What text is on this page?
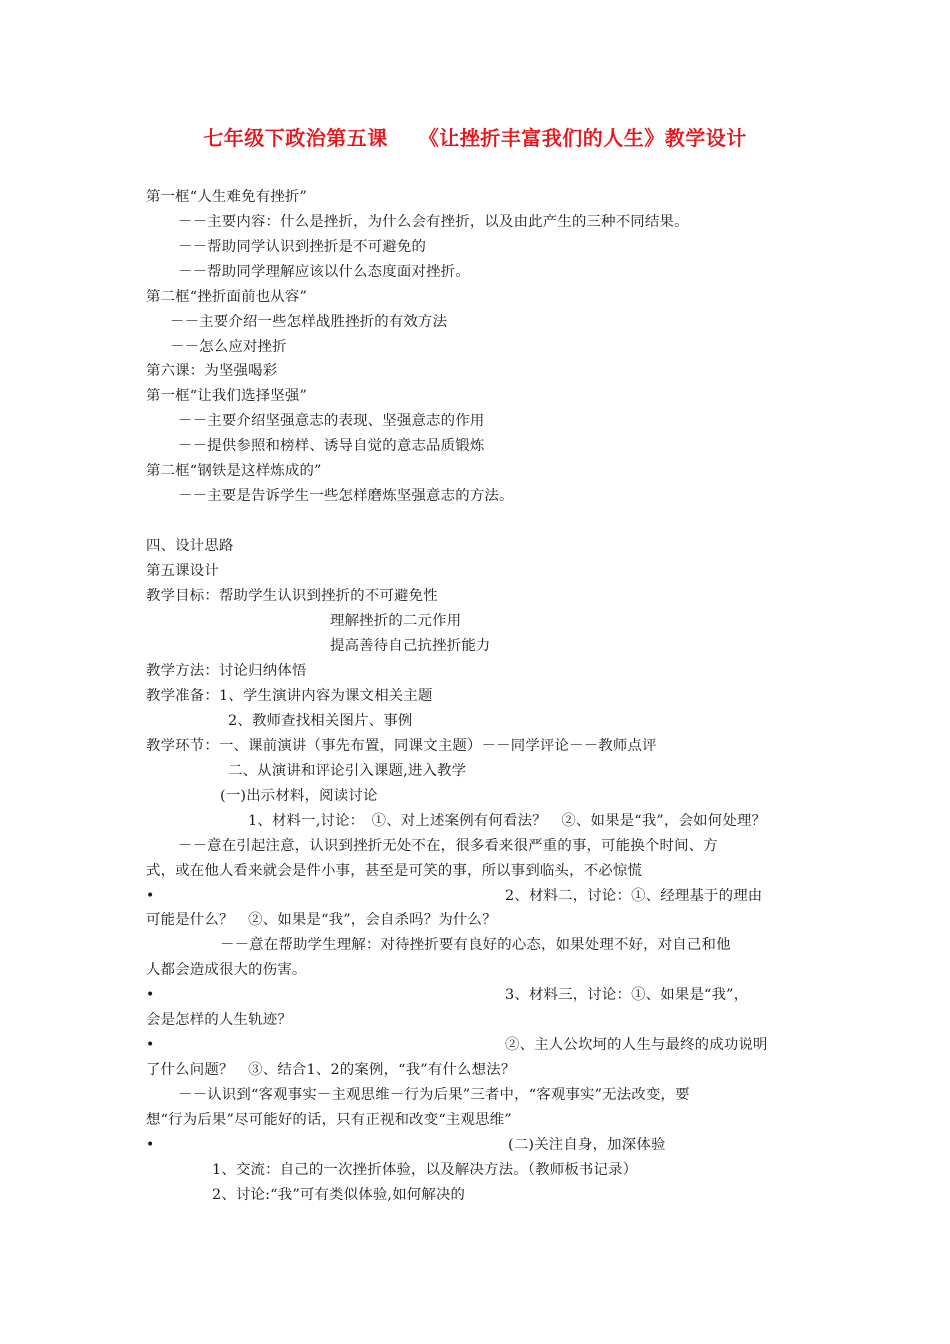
七年级下政治第五课　　《让挫折丰富我们的人生》教学设计
第一框“人生难免有挫折”
－－主要内容：什么是挫折，为什么会有挫折，以及由此产生的三种不同结果。
－－帮助同学认识到挫折是不可避免的
－－帮助同学理解应该以什么态度面对挫折。
第二框“挫折面前也从容”
－－主要介绍一些怎样战胜挫折的有效方法
－－怎么应对挫折
第六课：为坚强喝彩
第一框“让我们选择坚强”
－－主要介绍坚强意志的表现、坚强意志的作用
－－提供参照和榜样、诱导自觉的意志品质锻炼
第二框“钢铁是这样炼成的”
－－主要是告诉学生一些怎样磨炼坚强意志的方法。
四、设计思路
第五课设计
教学目标：帮助学生认识到挫折的不可避免性
理解挫折的二元作用
提高善待自己抗挫折能力
教学方法：讨论归纳体悟
教学准备：1、学生演讲内容为课文相关主题
2、教师查找相关图片、事例
教学环节：一、课前演讲（事先布置，同课文主题）－－同学评论－－教师点评
二、从演讲和评论引入课题,进入教学
(一)出示材料，阅读讨论
1、材料一,讨论：　①、对上述案例有何看法？　②、如果是“我”，会如何处理？
－－意在引起注意，认识到挫折无处不在，很多看来很严重的事，可能换个时间、方
式，或在他人看来就会是件小事，甚至是可笑的事，所以事到临头，不必惊慌
•	2、材料二，讨论：①、经理基于的理由
可能是什么？　②、如果是“我”，会自杀吗？为什么？
－－意在帮助学生理解：对待挫折要有良好的心态，如果处理不好，对自己和他
人都会造成很大的伤害。
•	3、材料三，讨论：①、如果是“我”，
会是怎样的人生轨迹？
•	②、主人公坎坷的人生与最终的成功说明
了什么问题？　③、结合1、2的案例，“我”有什么想法？
－－认识到“客观事实－主观思维－行为后果”三者中，“客观事实”无法改变，要
想“行为后果”尽可能好的话，只有正视和改变“主观思维”
•	(二)关注自身，加深体验
1、交流：自己的一次挫折体验，以及解决方法。（教师板书记录）
2、讨论:“我”可有类似体验,如何解决的
